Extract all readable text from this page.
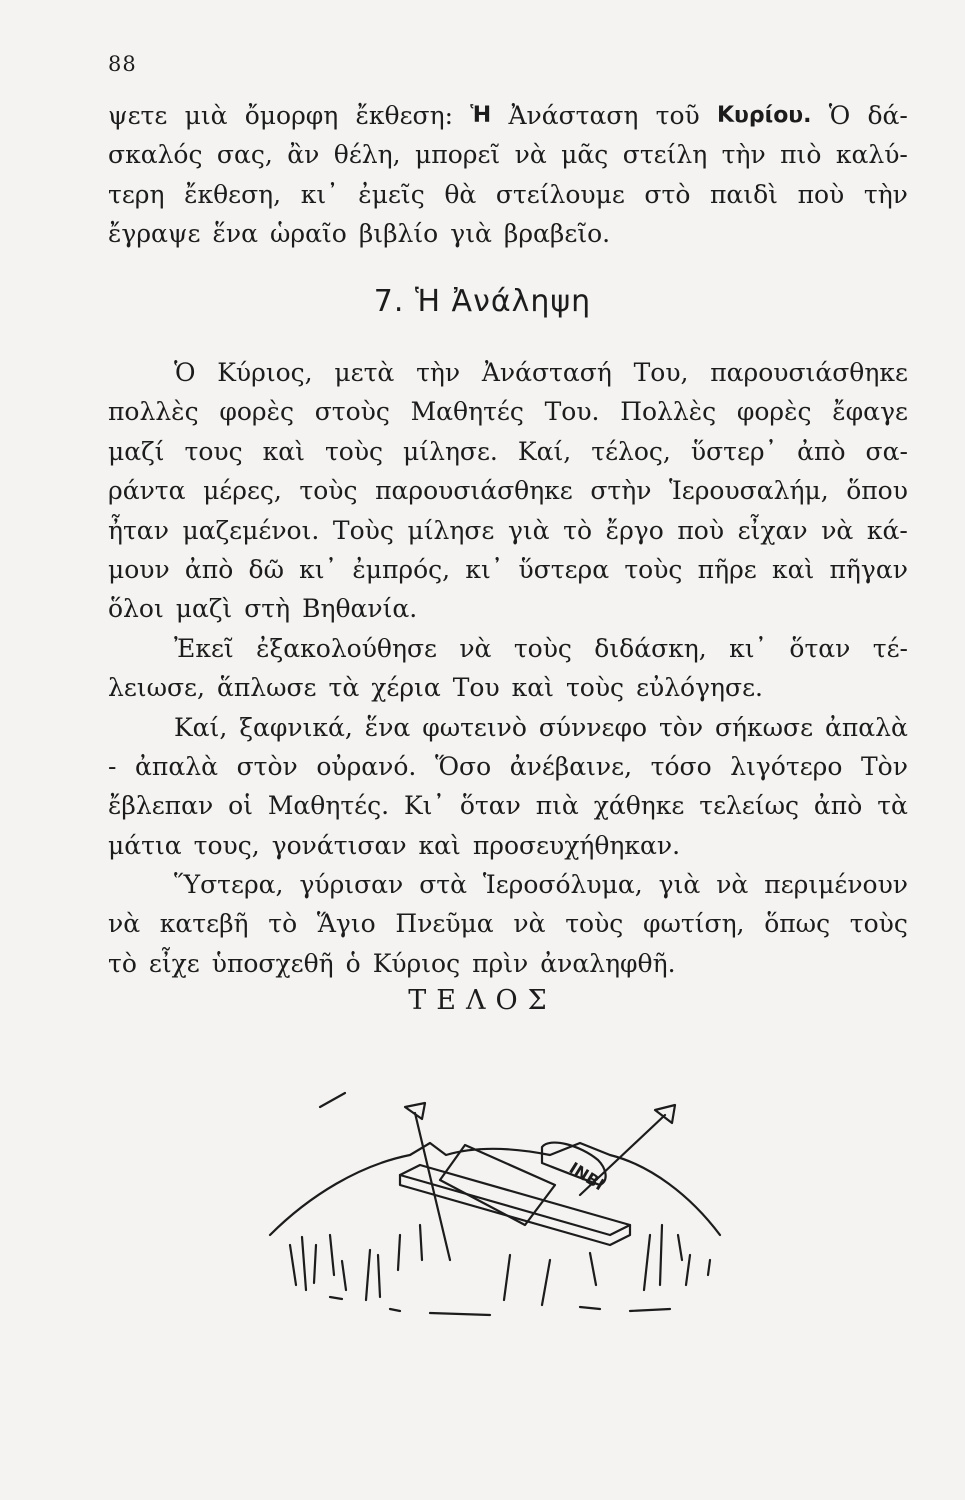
88
ψετε μιὰ ὄμορφη ἔκθεση: Ἡ Ἀνάσταση τοῦ Κυρίου. Ὁ δά-
σκαλός σας, ἂν θέλη, μπορεῖ νὰ μᾶς στείλη τὴν πιὸ καλύ-
τερη ἔκθεση, κι᾽ ἐμεῖς θὰ στείλουμε στὸ παιδὶ ποὺ τὴν
ἔγραψε ἕνα ὡραῖο βιβλίο γιὰ βραβεῖο.
7. Ἡ Ἀνάληψη
Ὁ Κύριος, μετὰ τὴν Ἀνάστασή Του, παρουσιάσθηκε
πολλὲς φορὲς στοὺς Μαθητές Του. Πολλὲς φορὲς ἔφαγε
μαζί τους καὶ τοὺς μίλησε. Καί, τέλος, ὕστερ᾽ ἀπὸ σα-
ράντα μέρες, τοὺς παρουσιάσθηκε στὴν Ἱερουσαλήμ, ὅπου
ἦταν μαζεμένοι. Τοὺς μίλησε γιὰ τὸ ἔργο ποὺ εἶχαν νὰ κά-
μουν ἀπὸ δῶ κι᾽ ἐμπρός, κι᾽ ὕστερα τοὺς πῆρε καὶ πῆγαν
ὅλοι μαζὶ στὴ Βηθανία.
Ἐκεῖ ἐξακολούθησε νὰ τοὺς διδάσκη, κι᾽ ὅταν τέ-
λειωσε, ἅπλωσε τὰ χέρια Του καὶ τοὺς εὐλόγησε.
Καί, ξαφνικά, ἕνα φωτεινὸ σύννεφο τὸν σήκωσε ἀπαλὰ
- ἀπαλὰ στὸν οὐρανό. Ὅσο ἀνέβαινε, τόσο λιγότερο Τὸν
ἔβλεπαν οἱ Μαθητές. Κι᾽ ὅταν πιὰ χάθηκε τελείως ἀπὸ τὰ
μάτια τους, γονάτισαν καὶ προσευχήθηκαν.
Ὕστερα, γύρισαν στὰ Ἱεροσόλυμα, γιὰ νὰ περιμένουν
νὰ κατεβῆ τὸ Ἅγιο Πνεῦμα νὰ τοὺς φωτίση, ὅπως τοὺς
τὸ εἶχε ὑποσχεθῆ ὁ Κύριος πρὶν ἀναληφθῆ.
ΤΕΛΟΣ
ΙΝΒΙ
